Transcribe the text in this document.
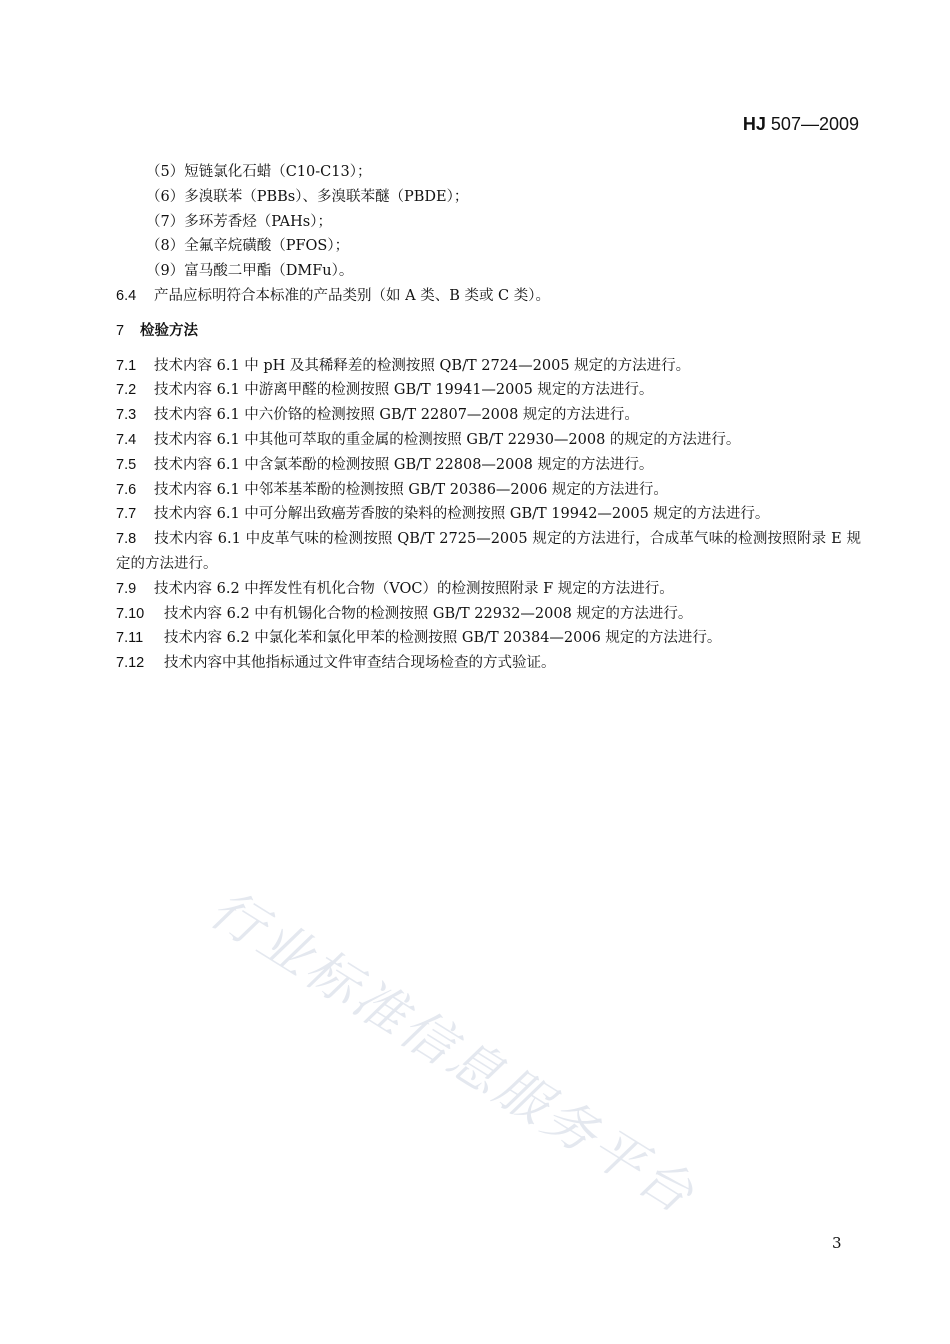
HJ 507—2009
（5）短链氯化石蜡（C10-C13）；
（6）多溴联苯（PBBs）、多溴联苯醚（PBDE）；
（7）多环芳香烃（PAHs）；
（8）全氟辛烷磺酸（PFOS）；
（9）富马酸二甲酯（DMFu）。
6.4 产品应标明符合本标准的产品类别（如 A 类、B 类或 C 类）。
7 检验方法
7.1 技术内容 6.1 中 pH 及其稀释差的检测按照 QB/T 2724—2005 规定的方法进行。
7.2 技术内容 6.1 中游离甲醛的检测按照 GB/T 19941—2005 规定的方法进行。
7.3 技术内容 6.1 中六价铬的检测按照 GB/T 22807—2008 规定的方法进行。
7.4 技术内容 6.1 中其他可萃取的重金属的检测按照 GB/T 22930—2008 的规定的方法进行。
7.5 技术内容 6.1 中含氯苯酚的检测按照 GB/T 22808—2008 规定的方法进行。
7.6 技术内容 6.1 中邻苯基苯酚的检测按照 GB/T 20386—2006 规定的方法进行。
7.7 技术内容 6.1 中可分解出致癌芳香胺的染料的检测按照 GB/T 19942—2005 规定的方法进行。
7.8 技术内容 6.1 中皮革气味的检测按照 QB/T 2725—2005 规定的方法进行，合成革气味的检测按照附录 E 规定的方法进行。
7.9 技术内容 6.2 中挥发性有机化合物（VOC）的检测按照附录 F 规定的方法进行。
7.10 技术内容 6.2 中有机锡化合物的检测按照 GB/T 22932—2008 规定的方法进行。
7.11 技术内容 6.2 中氯化苯和氯化甲苯的检测按照 GB/T 20384—2006 规定的方法进行。
7.12 技术内容中其他指标通过文件审查结合现场检查的方式验证。
行业标准信息服务平台
3
